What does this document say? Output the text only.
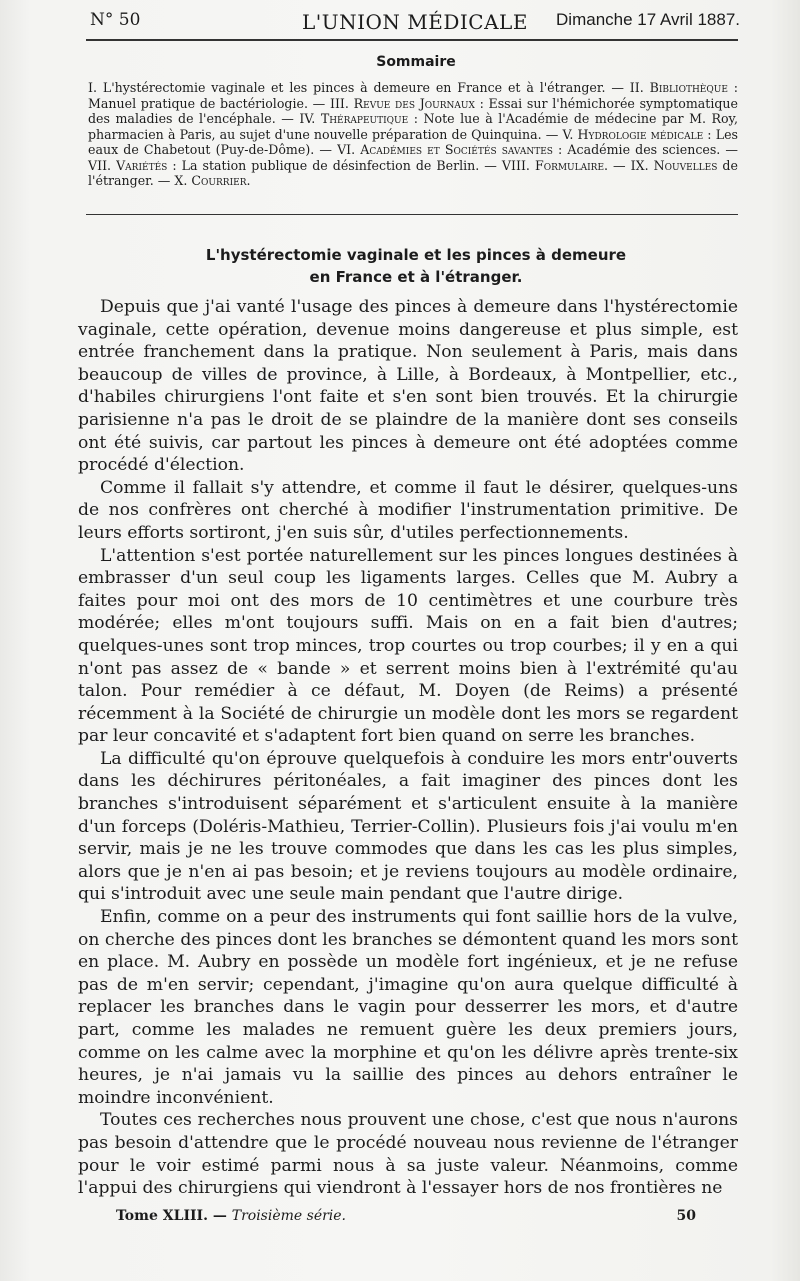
N° 50	L'UNION MÉDICALE Dimanche 17 Avril 1887.
Sommaire
I. L'hystérectomie vaginale et les pinces à demeure en France et à l'étranger. — II. Bibliothèque : Manuel pratique de bactériologie. — III. Revue des Journaux : Essai sur l'hémichorée symptomatique des maladies de l'encéphale. — IV. Thérapeutique : Note lue à l'Académie de médecine par M. Roy, pharmacien à Paris, au sujet d'une nouvelle préparation de Quinquina. — V. Hydrologie médicale : Les eaux de Chabetout (Puy-de-Dôme). — VI. Académies et Sociétés savantes : Académie des sciences. — VII. Variétés : La station publique de désinfection de Berlin. — VIII. Formulaire. — IX. Nouvelles de l'étranger. — X. Courrier.
L'hystérectomie vaginale et les pinces à demeure
en France et à l'étranger.

Depuis que j'ai vanté l'usage des pinces à demeure dans l'hystérectomie vaginale, cette opération, devenue moins dangereuse et plus simple, est entrée franchement dans la pratique. Non seulement à Paris, mais dans beaucoup de villes de province, à Lille, à Bordeaux, à Montpellier, etc., d'habiles chirurgiens l'ont faite et s'en sont bien trouvés. Et la chirurgie parisienne n'a pas le droit de se plaindre de la manière dont ses conseils ont été suivis, car partout les pinces à demeure ont été adoptées comme procédé d'élection.

Comme il fallait s'y attendre, et comme il faut le désirer, quelques-uns de nos confrères ont cherché à modifier l'instrumentation primitive. De leurs efforts sortiront, j'en suis sûr, d'utiles perfectionnements.

L'attention s'est portée naturellement sur les pinces longues destinées à embrasser d'un seul coup les ligaments larges. Celles que M. Aubry a faites pour moi ont des mors de 10 centimètres et une courbure très modérée; elles m'ont toujours suffi. Mais on en a fait bien d'autres; quelques-unes sont trop minces, trop courtes ou trop courbes; il y en a qui n'ont pas assez de « bande » et serrent moins bien à l'extrémité qu'au talon. Pour remédier à ce défaut, M. Doyen (de Reims) a présenté récemment à la Société de chirurgie un modèle dont les mors se regardent par leur concavité et s'adaptent fort bien quand on serre les branches.

La difficulté qu'on éprouve quelquefois à conduire les mors entr'ouverts dans les déchirures péritonéales, a fait imaginer des pinces dont les branches s'introduisent séparément et s'articulent ensuite à la manière d'un forceps (Doléris-Mathieu, Terrier-Collin). Plusieurs fois j'ai voulu m'en servir, mais je ne les trouve commodes que dans les cas les plus simples, alors que je n'en ai pas besoin; et je reviens toujours au modèle ordinaire, qui s'introduit avec une seule main pendant que l'autre dirige.

Enfin, comme on a peur des instruments qui font saillie hors de la vulve, on cherche des pinces dont les branches se démontent quand les mors sont en place. M. Aubry en possède un modèle fort ingénieux, et je ne refuse pas de m'en servir; cependant, j'imagine qu'on aura quelque difficulté à replacer les branches dans le vagin pour desserrer les mors, et d'autre part, comme les malades ne remuent guère les deux premiers jours, comme on les calme avec la morphine et qu'on les délivre après trente-six heures, je n'ai jamais vu la saillie des pinces au dehors entraîner le moindre inconvénient.

Toutes ces recherches nous prouvent une chose, c'est que nous n'aurons pas besoin d'attendre que le procédé nouveau nous revienne de l'étranger pour le voir estimé parmi nous à sa juste valeur. Néanmoins, comme l'appui des chirurgiens qui viendront à l'essayer hors de nos frontières ne

Tome XLIII. — Troisième série.	50
